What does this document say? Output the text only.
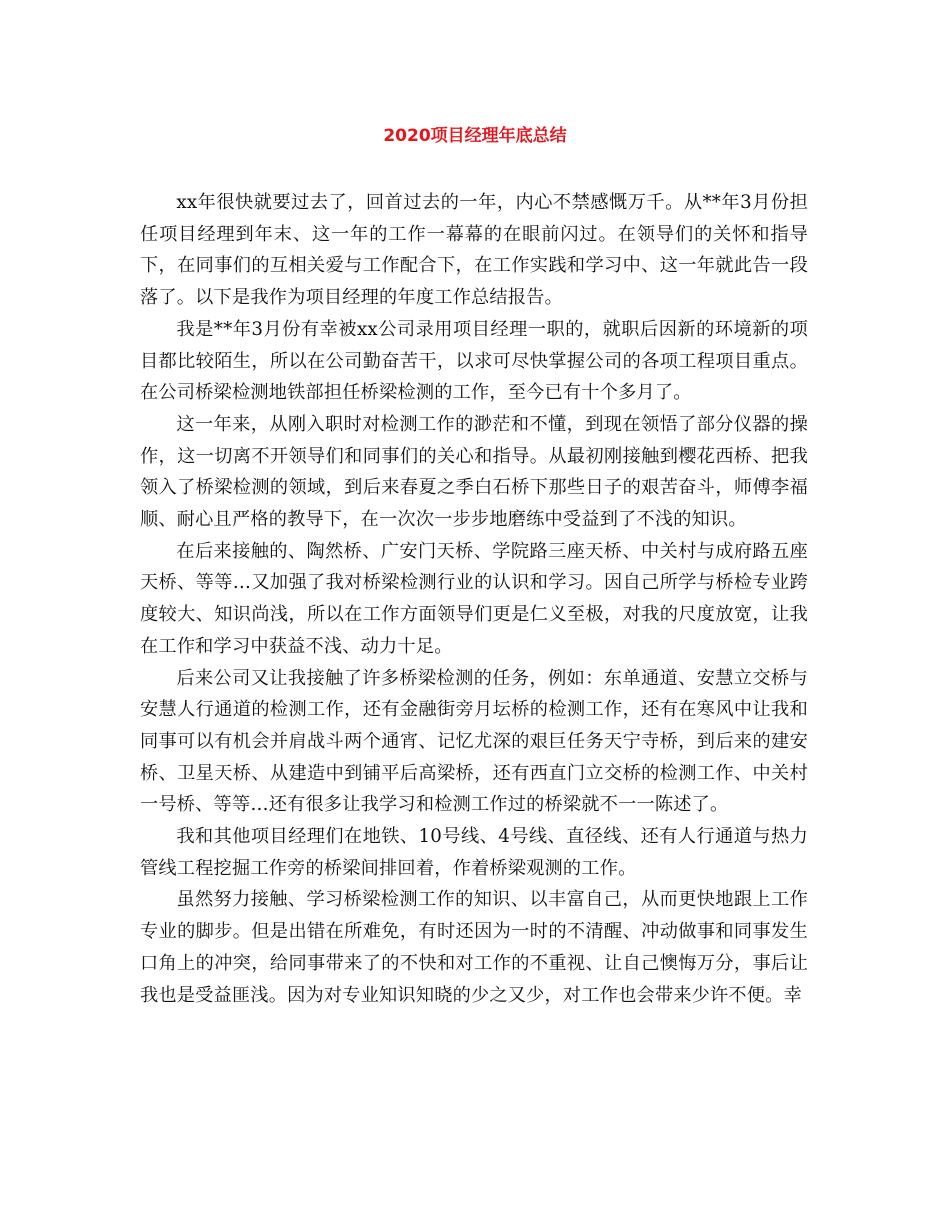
2020项目经理年底总结

xx年很快就要过去了，回首过去的一年，内心不禁感慨万千。从**年3月份担任项目经理到年末、这一年的工作一幕幕的在眼前闪过。在领导们的关怀和指导下，在同事们的互相关爱与工作配合下，在工作实践和学习中、这一年就此告一段落了。以下是我作为项目经理的年度工作总结报告。

我是**年3月份有幸被xx公司录用项目经理一职的，就职后因新的环境新的项目都比较陌生，所以在公司勤奋苦干，以求可尽快掌握公司的各项工程项目重点。在公司桥梁检测地铁部担任桥梁检测的工作，至今已有十个多月了。

这一年来，从刚入职时对检测工作的渺茫和不懂，到现在领悟了部分仪器的操作，这一切离不开领导们和同事们的关心和指导。从最初刚接触到樱花西桥、把我领入了桥梁检测的领域，到后来春夏之季白石桥下那些日子的艰苦奋斗，师傅李福顺、耐心且严格的教导下，在一次次一步步地磨练中受益到了不浅的知识。

在后来接触的、陶然桥、广安门天桥、学院路三座天桥、中关村与成府路五座天桥、等等…又加强了我对桥梁检测行业的认识和学习。因自己所学与桥检专业跨度较大、知识尚浅，所以在工作方面领导们更是仁义至极，对我的尺度放宽，让我在工作和学习中获益不浅、动力十足。

后来公司又让我接触了许多桥梁检测的任务，例如：东单通道、安慧立交桥与安慧人行通道的检测工作，还有金融街旁月坛桥的检测工作，还有在寒风中让我和同事可以有机会并肩战斗两个通宵、记忆尤深的艰巨任务天宁寺桥，到后来的建安桥、卫星天桥、从建造中到铺平后高梁桥，还有西直门立交桥的检测工作、中关村一号桥、等等…还有很多让我学习和检测工作过的桥梁就不一一陈述了。

我和其他项目经理们在地铁、10号线、4号线、直径线、还有人行通道与热力管线工程挖掘工作旁的桥梁间排回着，作着桥梁观测的工作。

虽然努力接触、学习桥梁检测工作的知识、以丰富自己，从而更快地跟上工作专业的脚步。但是出错在所难免，有时还因为一时的不清醒、冲动做事和同事发生口角上的冲突，给同事带来了的不快和对工作的不重视、让自己懊悔万分，事后让我也是受益匪浅。因为对专业知识知晓的少之又少，对工作也会带来少许不便。幸
